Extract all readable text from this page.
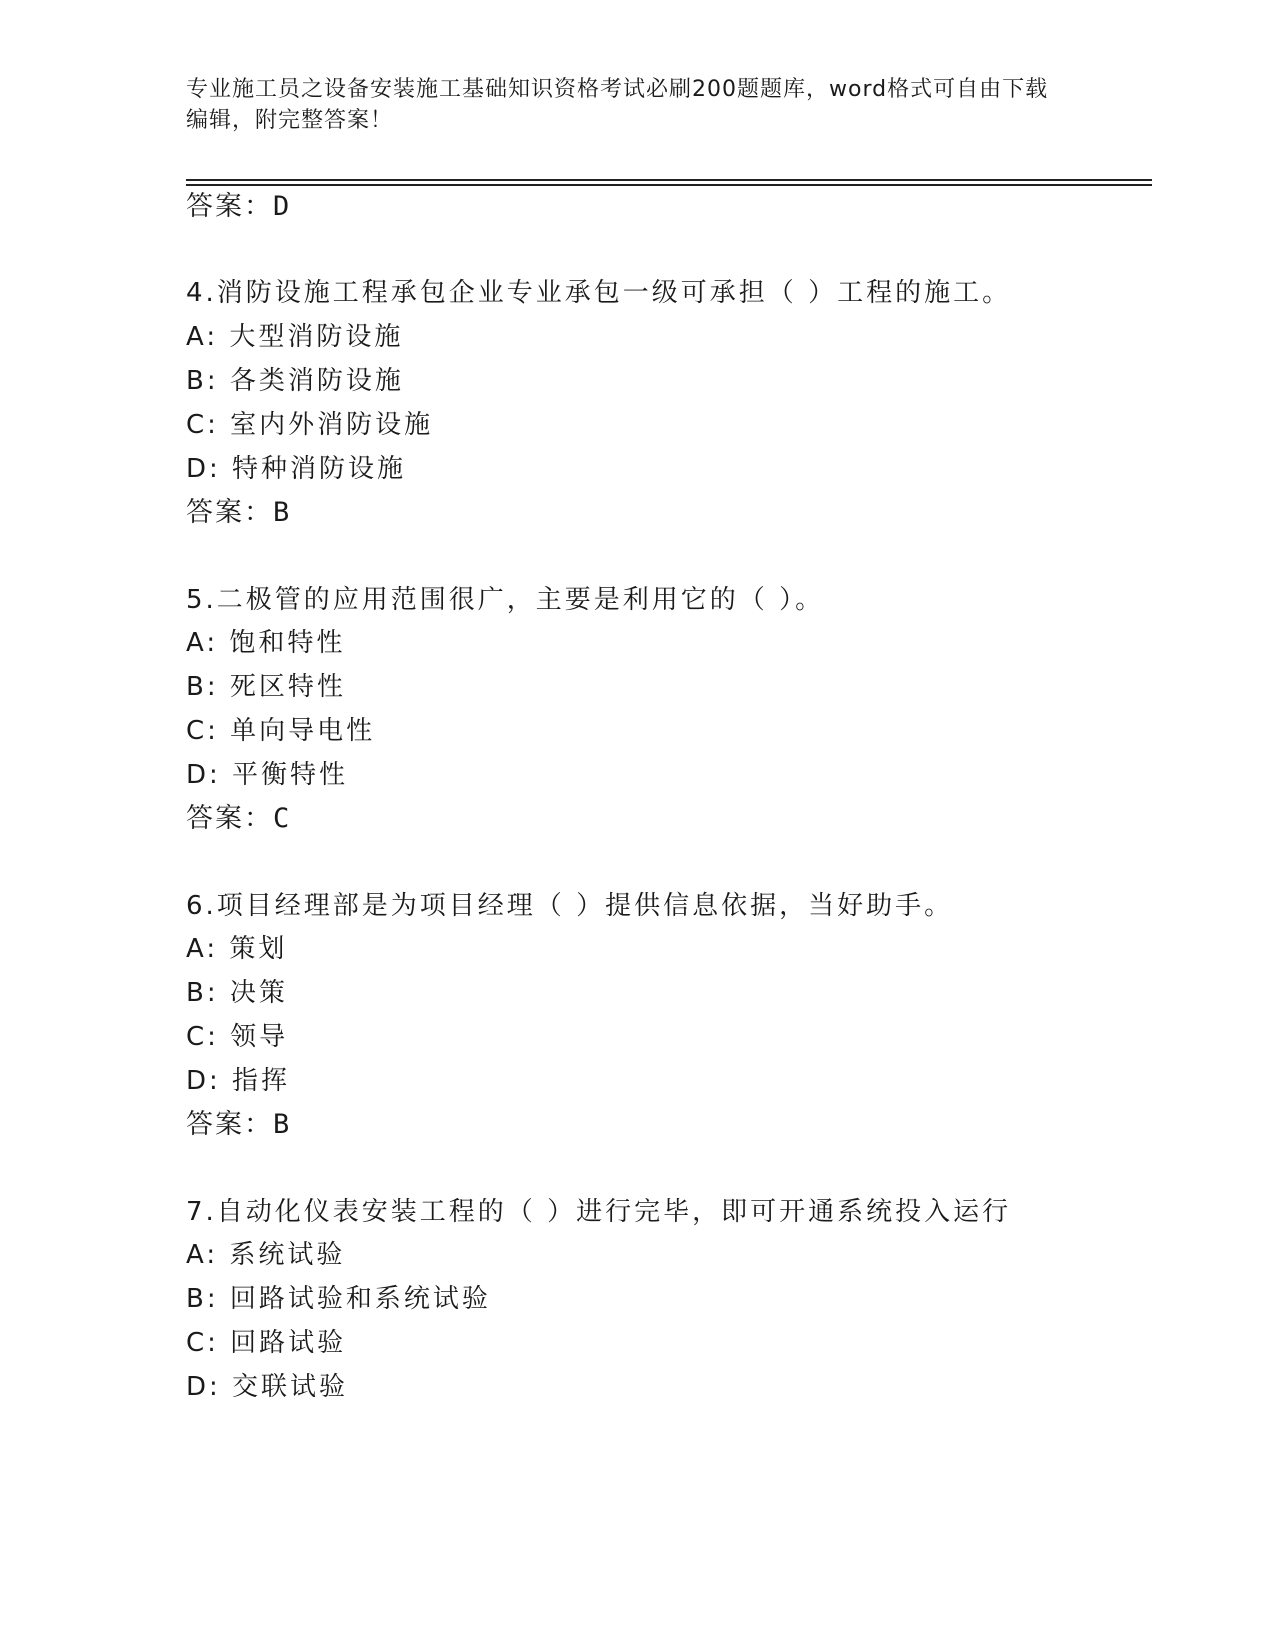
专业施工员之设备安装施工基础知识资格考试必刷200题题库，word格式可自由下载编辑，附完整答案！
答案：D
4.消防设施工程承包企业专业承包一级可承担（ ）工程的施工。
A: 大型消防设施
B: 各类消防设施
C: 室内外消防设施
D: 特种消防设施
答案：B
5.二极管的应用范围很广，主要是利用它的（ ）。
A: 饱和特性
B: 死区特性
C: 单向导电性
D: 平衡特性
答案：C
6.项目经理部是为项目经理（ ）提供信息依据，当好助手。
A: 策划
B: 决策
C: 领导
D: 指挥
答案：B
7.自动化仪表安装工程的（ ）进行完毕，即可开通系统投入运行
A: 系统试验
B: 回路试验和系统试验
C: 回路试验
D: 交联试验
